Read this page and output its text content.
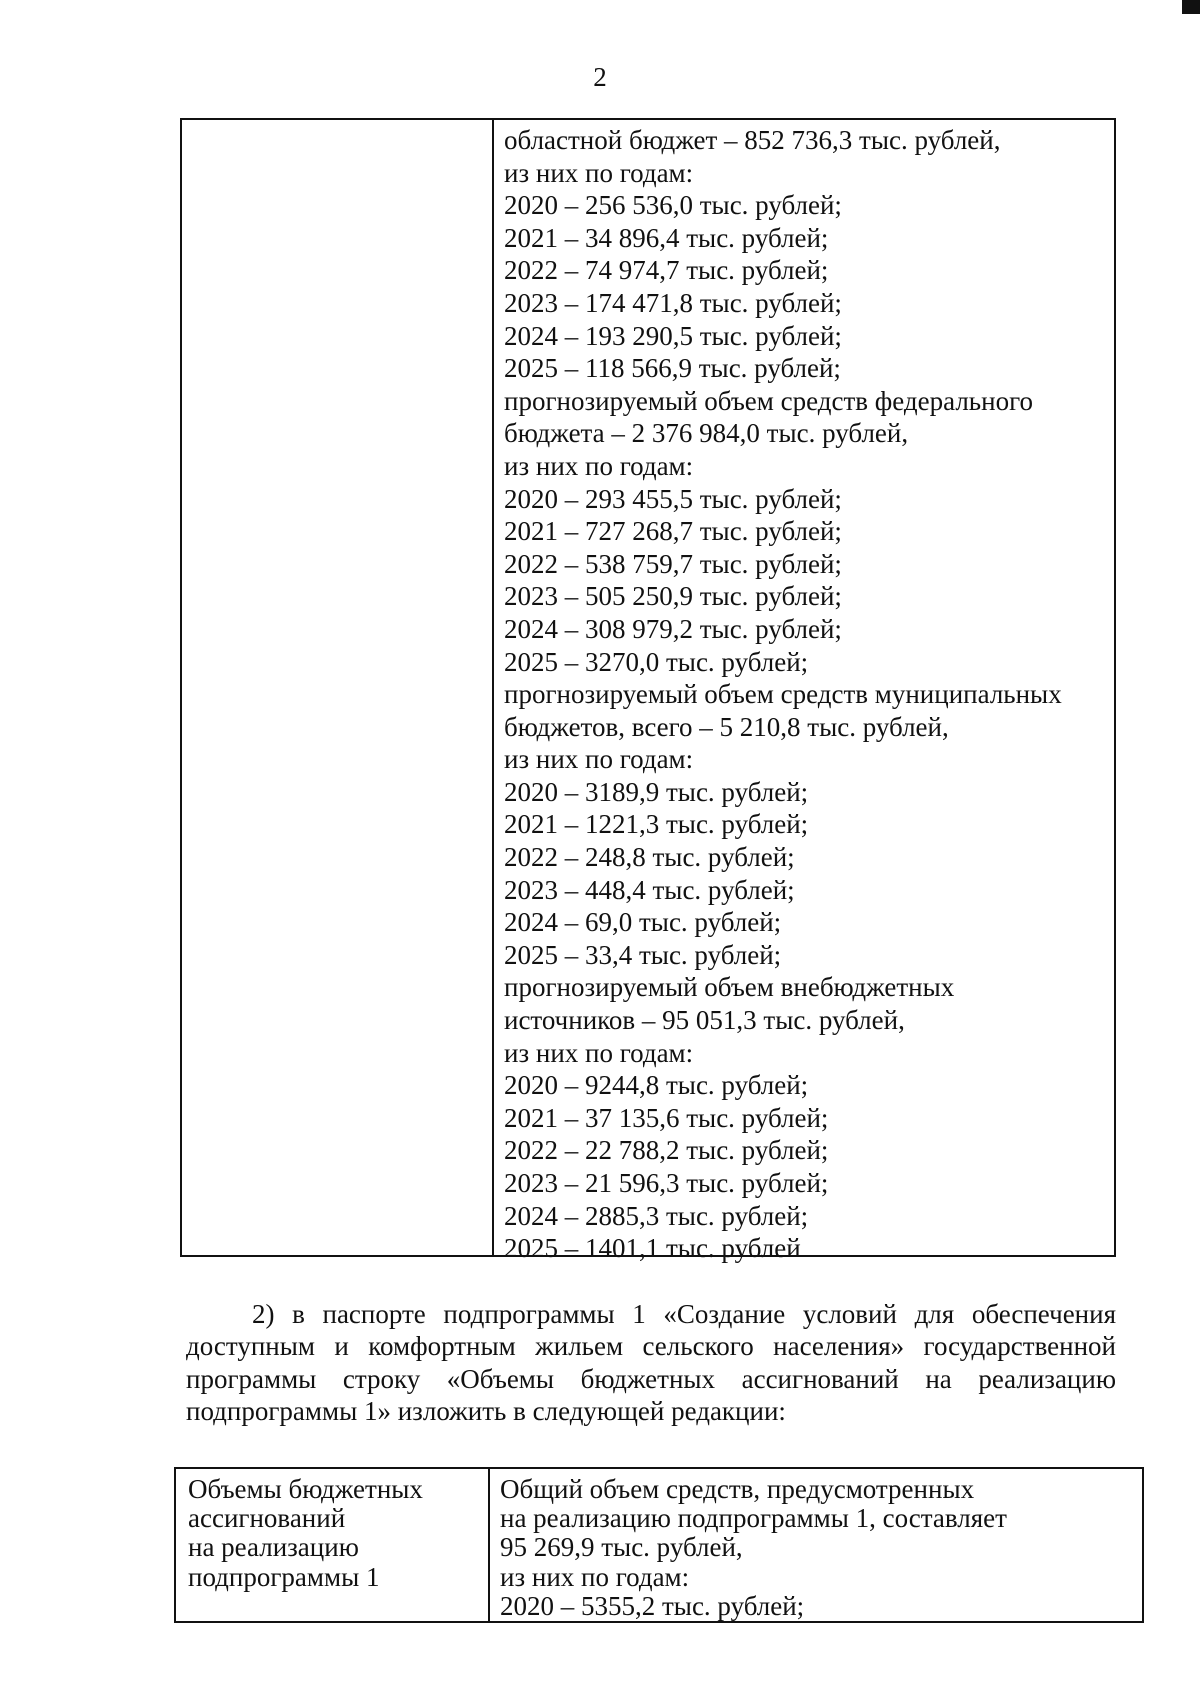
2
областной бюджет – 852 736,3 тыс. рублей,
из них по годам:
2020 – 256 536,0 тыс. рублей;
2021 – 34 896,4 тыс. рублей;
2022 – 74 974,7 тыс. рублей;
2023 – 174 471,8 тыс. рублей;
2024 – 193 290,5 тыс. рублей;
2025 – 118 566,9 тыс. рублей;
прогнозируемый объем средств федерального
бюджета – 2 376 984,0 тыс. рублей,
из них по годам:
2020 – 293 455,5 тыс. рублей;
2021 – 727 268,7 тыс. рублей;
2022 – 538 759,7 тыс. рублей;
2023 – 505 250,9 тыс. рублей;
2024 – 308 979,2 тыс. рублей;
2025 – 3270,0 тыс. рублей;
прогнозируемый объем средств муниципальных
бюджетов, всего – 5 210,8 тыс. рублей,
из них по годам:
2020 – 3189,9 тыс. рублей;
2021 – 1221,3 тыс. рублей;
2022 – 248,8 тыс. рублей;
2023 – 448,4 тыс. рублей;
2024 – 69,0 тыс. рублей;
2025 – 33,4 тыс. рублей;
прогнозируемый объем внебюджетных
источников – 95 051,3 тыс. рублей,
из них по годам:
2020 – 9244,8 тыс. рублей;
2021 – 37 135,6 тыс. рублей;
2022 – 22 788,2 тыс. рублей;
2023 – 21 596,3 тыс. рублей;
2024 – 2885,3 тыс. рублей;
2025 – 1401,1 тыс. рублей
2) в паспорте подпрограммы 1 «Создание условий для обеспечения доступным и комфортным жильем сельского населения» государственной программы строку «Объемы бюджетных ассигнований на реализацию подпрограммы 1» изложить в следующей редакции:
Объемы бюджетных
ассигнований
на реализацию
подпрограммы 1
Общий объем средств, предусмотренных
на реализацию подпрограммы 1, составляет
95 269,9 тыс. рублей,
из них по годам:
2020 – 5355,2 тыс. рублей;
